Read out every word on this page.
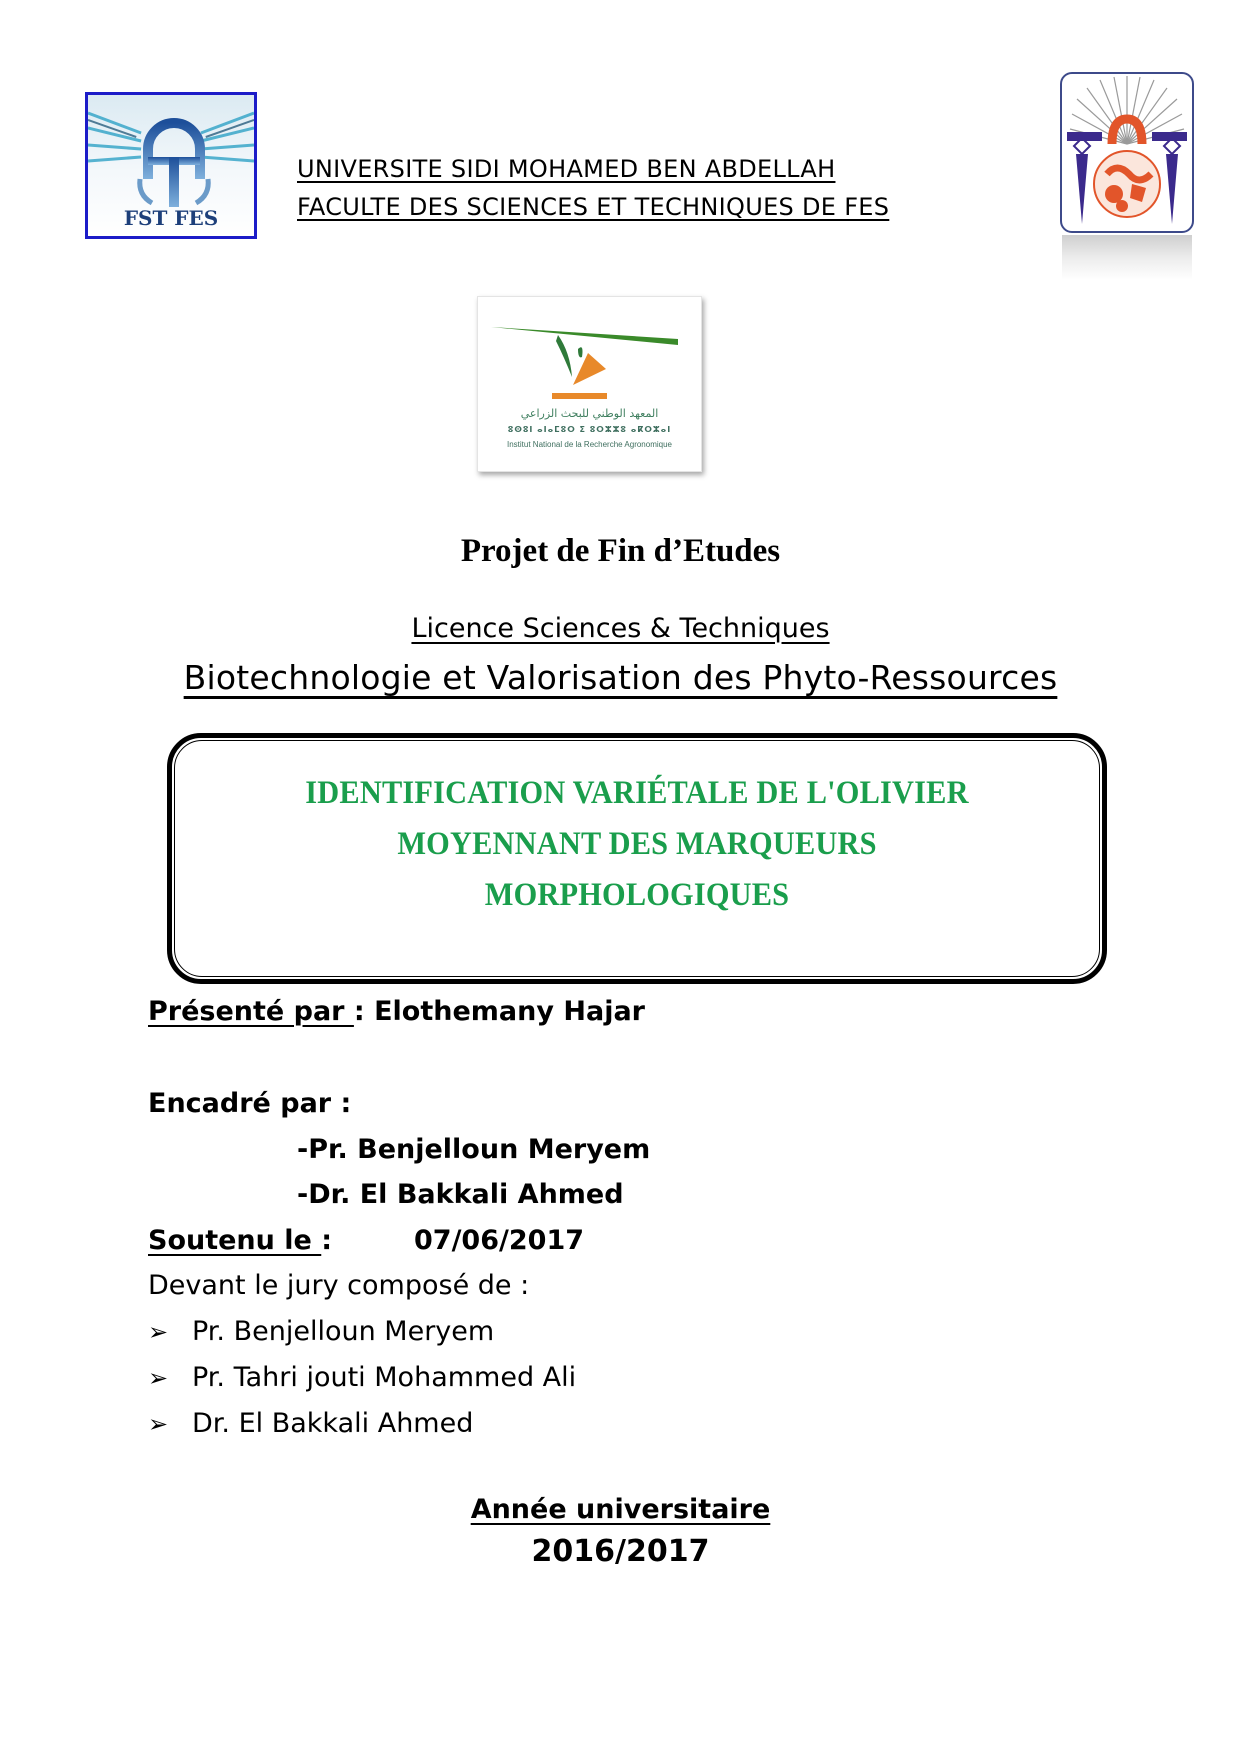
FST FES
UNIVERSITE SIDI MOHAMED BEN ABDELLAH
FACULTE DES SCIENCES ET TECHNIQUES DE FES
المعهد الوطني للبحث الزراعي
ⵓⵙⵓⵏ ⴰⵏⴰⵎⵓⵔ ⵉ ⵓⵔⵣⵣⵓ ⴰⴽⵔⵣⴰⵏ
Institut National de la Recherche Agronomique
Projet de Fin d’Etudes
Licence Sciences & Techniques
Biotechnologie et Valorisation des Phyto-Ressources
IDENTIFICATION VARIÉTALE DE L'OLIVIER
MOYENNANT DES MARQUEURS
MORPHOLOGIQUES
Présenté par : Elothemany Hajar
Encadré par :
-Pr. Benjelloun Meryem
-Dr. El Bakkali Ahmed
Soutenu le :	07/06/2017
Devant le jury composé de :
➢ Pr. Benjelloun Meryem
➢ Pr. Tahri jouti Mohammed Ali
➢ Dr. El Bakkali Ahmed
Année universitaire
2016/2017
